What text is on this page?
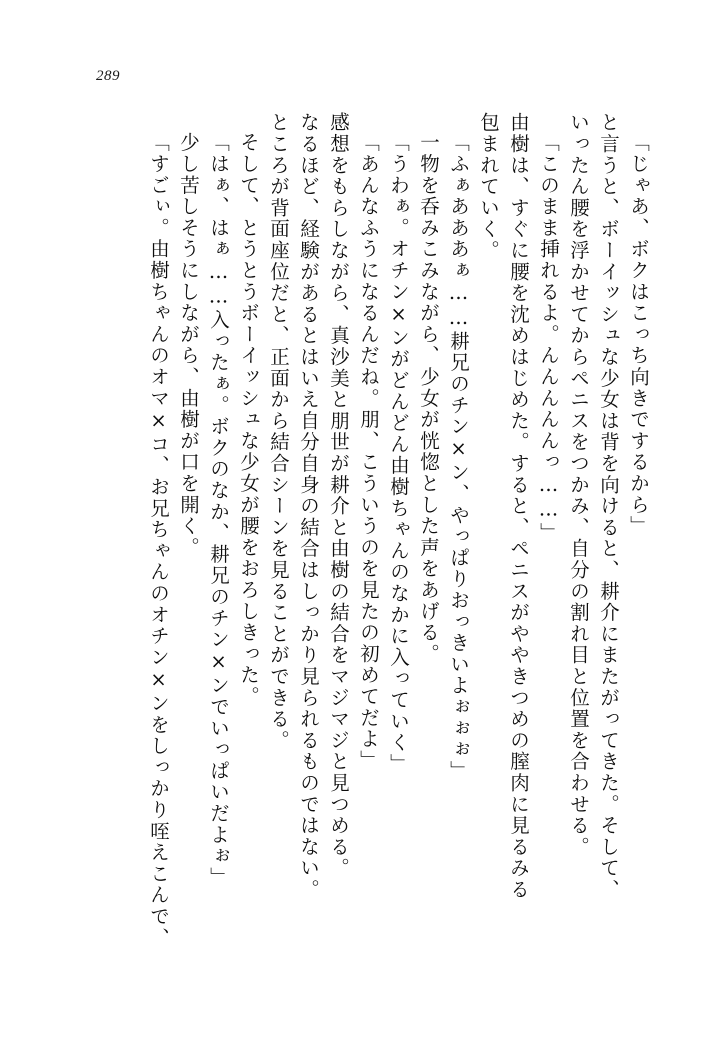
289
「じゃあ、ボクはこっち向きでするから」
と言うと、ボーイッシュな少女は背を向けると、耕介にまたがってきた。そして、
いったん腰を浮かせてからペニスをつかみ、自分の割れ目と位置を合わせる。
「このまま挿れるよ。んんんんんっ……」
由樹は、すぐに腰を沈めはじめた。すると、ペニスがややきつめの膣肉に見るみる
包まれていく。
「ふぁあああぁ……耕兄のチン×ン、やっぱりおっきいよぉぉぉ」
一物を呑みこみながら、少女が恍惚とした声をあげる。
「うわぁ。オチン×ンがどんどん由樹ちゃんのなかに入っていく」
「あんなふうになるんだね。朋、こういうのを見たの初めてだよ」
感想をもらしながら、真沙美と朋世が耕介と由樹の結合をマジマジと見つめる。
なるほど、経験があるとはいえ自分自身の結合はしっかり見られるものではない。
ところが背面座位だと、正面から結合シーンを見ることができる。
そして、とうとうボーイッシュな少女が腰をおろしきった。
「はぁ、はぁ……入ったぁ。ボクのなか、耕兄のチン×ンでいっぱいだよぉ」
少し苦しそうにしながら、由樹が口を開く。
「すごぃ。由樹ちゃんのオマ×コ、お兄ちゃんのオチン×ンをしっかり咥えこんで、
